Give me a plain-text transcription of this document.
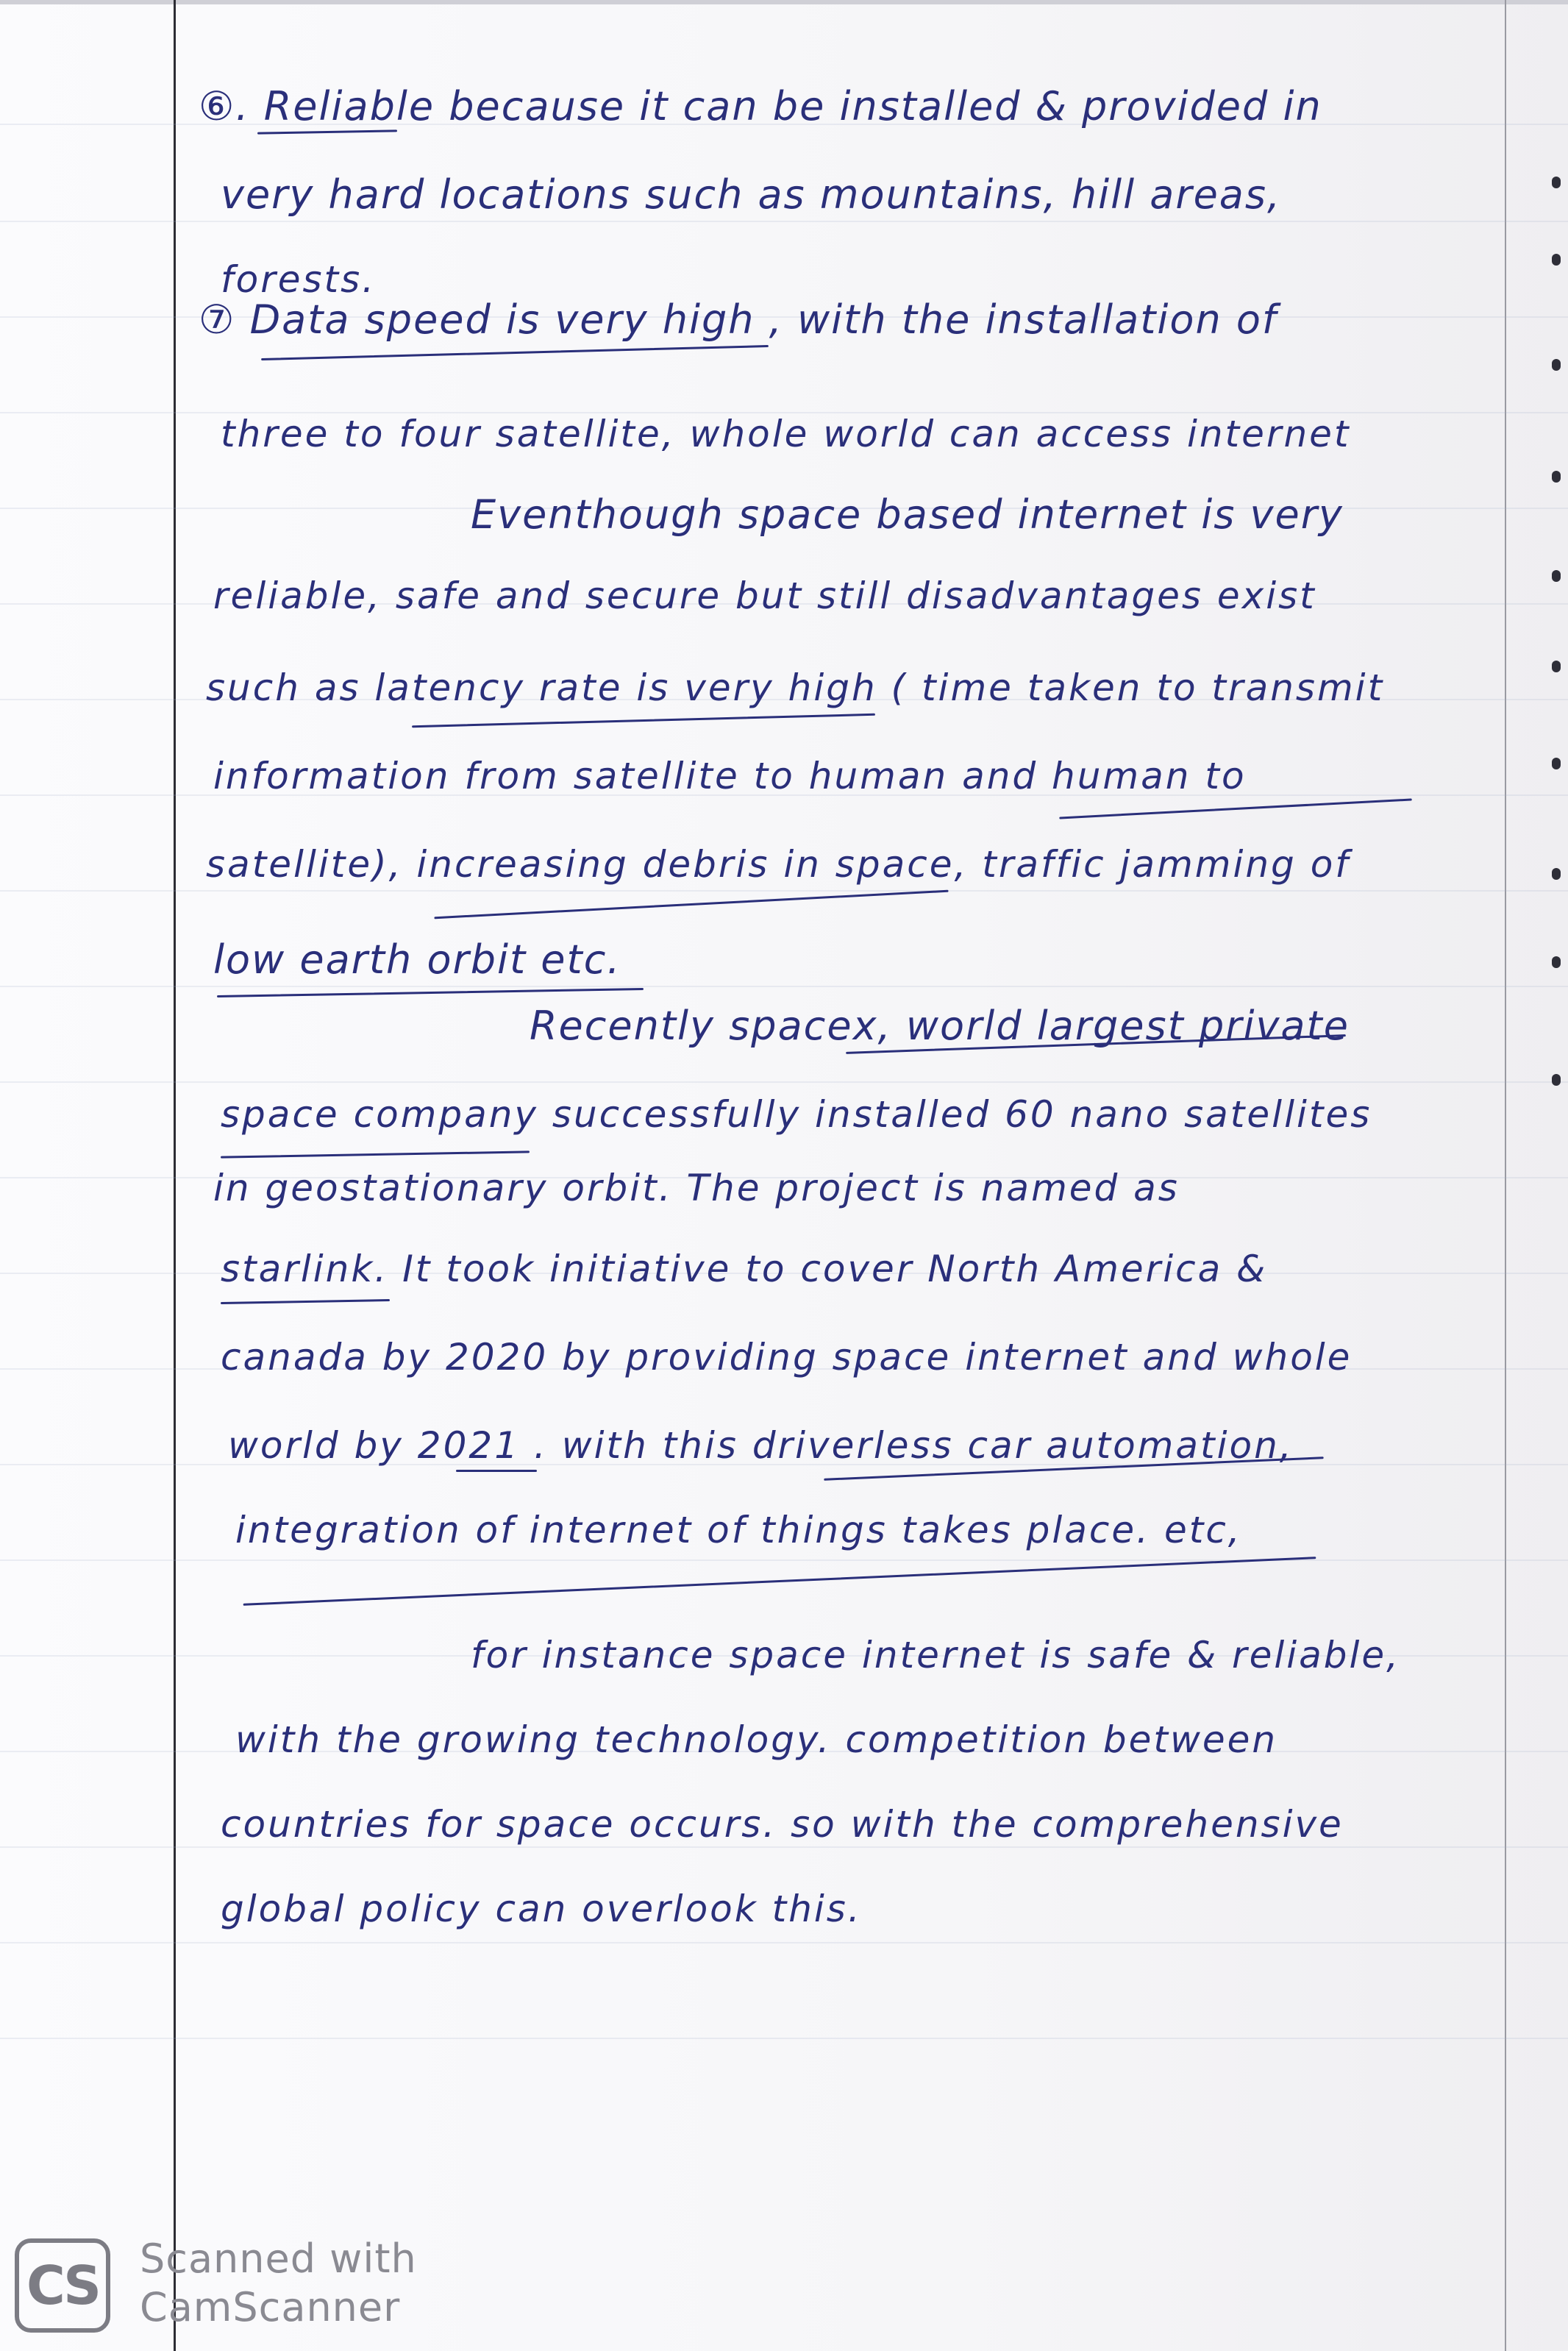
⑥. Reliable because it can be installed & provided in
very hard locations such as mountains, hill areas,
forests.
⑦ Data speed is very high , with the installation of
three to four satellite, whole world can access internet
Eventhough space based internet is very
reliable, safe and secure but still disadvantages exist
such as latency rate is very high ( time taken to transmit
information from satellite to human and human to
satellite), increasing debris in space, traffic jamming of
low earth orbit etc.
Recently spacex, world largest private
space company successfully installed 60 nano satellites
in geostationary orbit. The project is named as
starlink. It took initiative to cover North America &
canada by 2020 by providing space internet and whole
world by 2021 . with this driverless car automation,
integration of internet of things takes place. etc,
for instance space internet is safe & reliable,
with the growing technology. competition between
countries for space occurs. so with the comprehensive
global policy can overlook this.
CS Scanned with
CamScanner
